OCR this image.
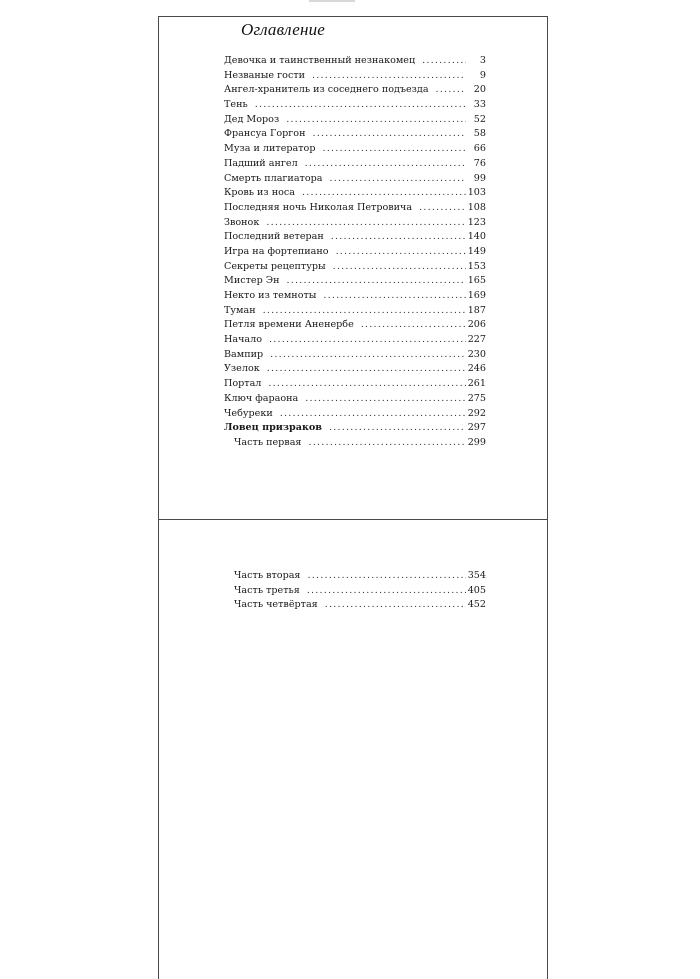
Оглавление
Девочка и таинственный незнакомец .....	3
Незваные гости .....	9
Ангел-хранитель из соседнего подъезда .....	20
Тень .....	33
Дед Мороз .....	52
Франсуа Горгон .....	58
Муза и литератор .....	66
Падший ангел .....	76
Смерть плагиатора .....	99
Кровь из носа .....	103
Последняя ночь Николая Петровича .....	108
Звонок .....	123
Последний ветеран .....	140
Игра на фортепиано .....	149
Секреты рецептуры .....	153
Мистер Эн .....	165
Некто из темноты .....	169
Туман .....	187
Петля времени Аненербе .....	206
Начало .....	227
Вампир .....	230
Узелок .....	246
Портал .....	261
Ключ фараона .....	275
Чебуреки .....	292
Ловец призраков .....	297
Часть первая .....	299
Часть вторая .....	354
Часть третья .....	405
Часть четвёртая .....	452
